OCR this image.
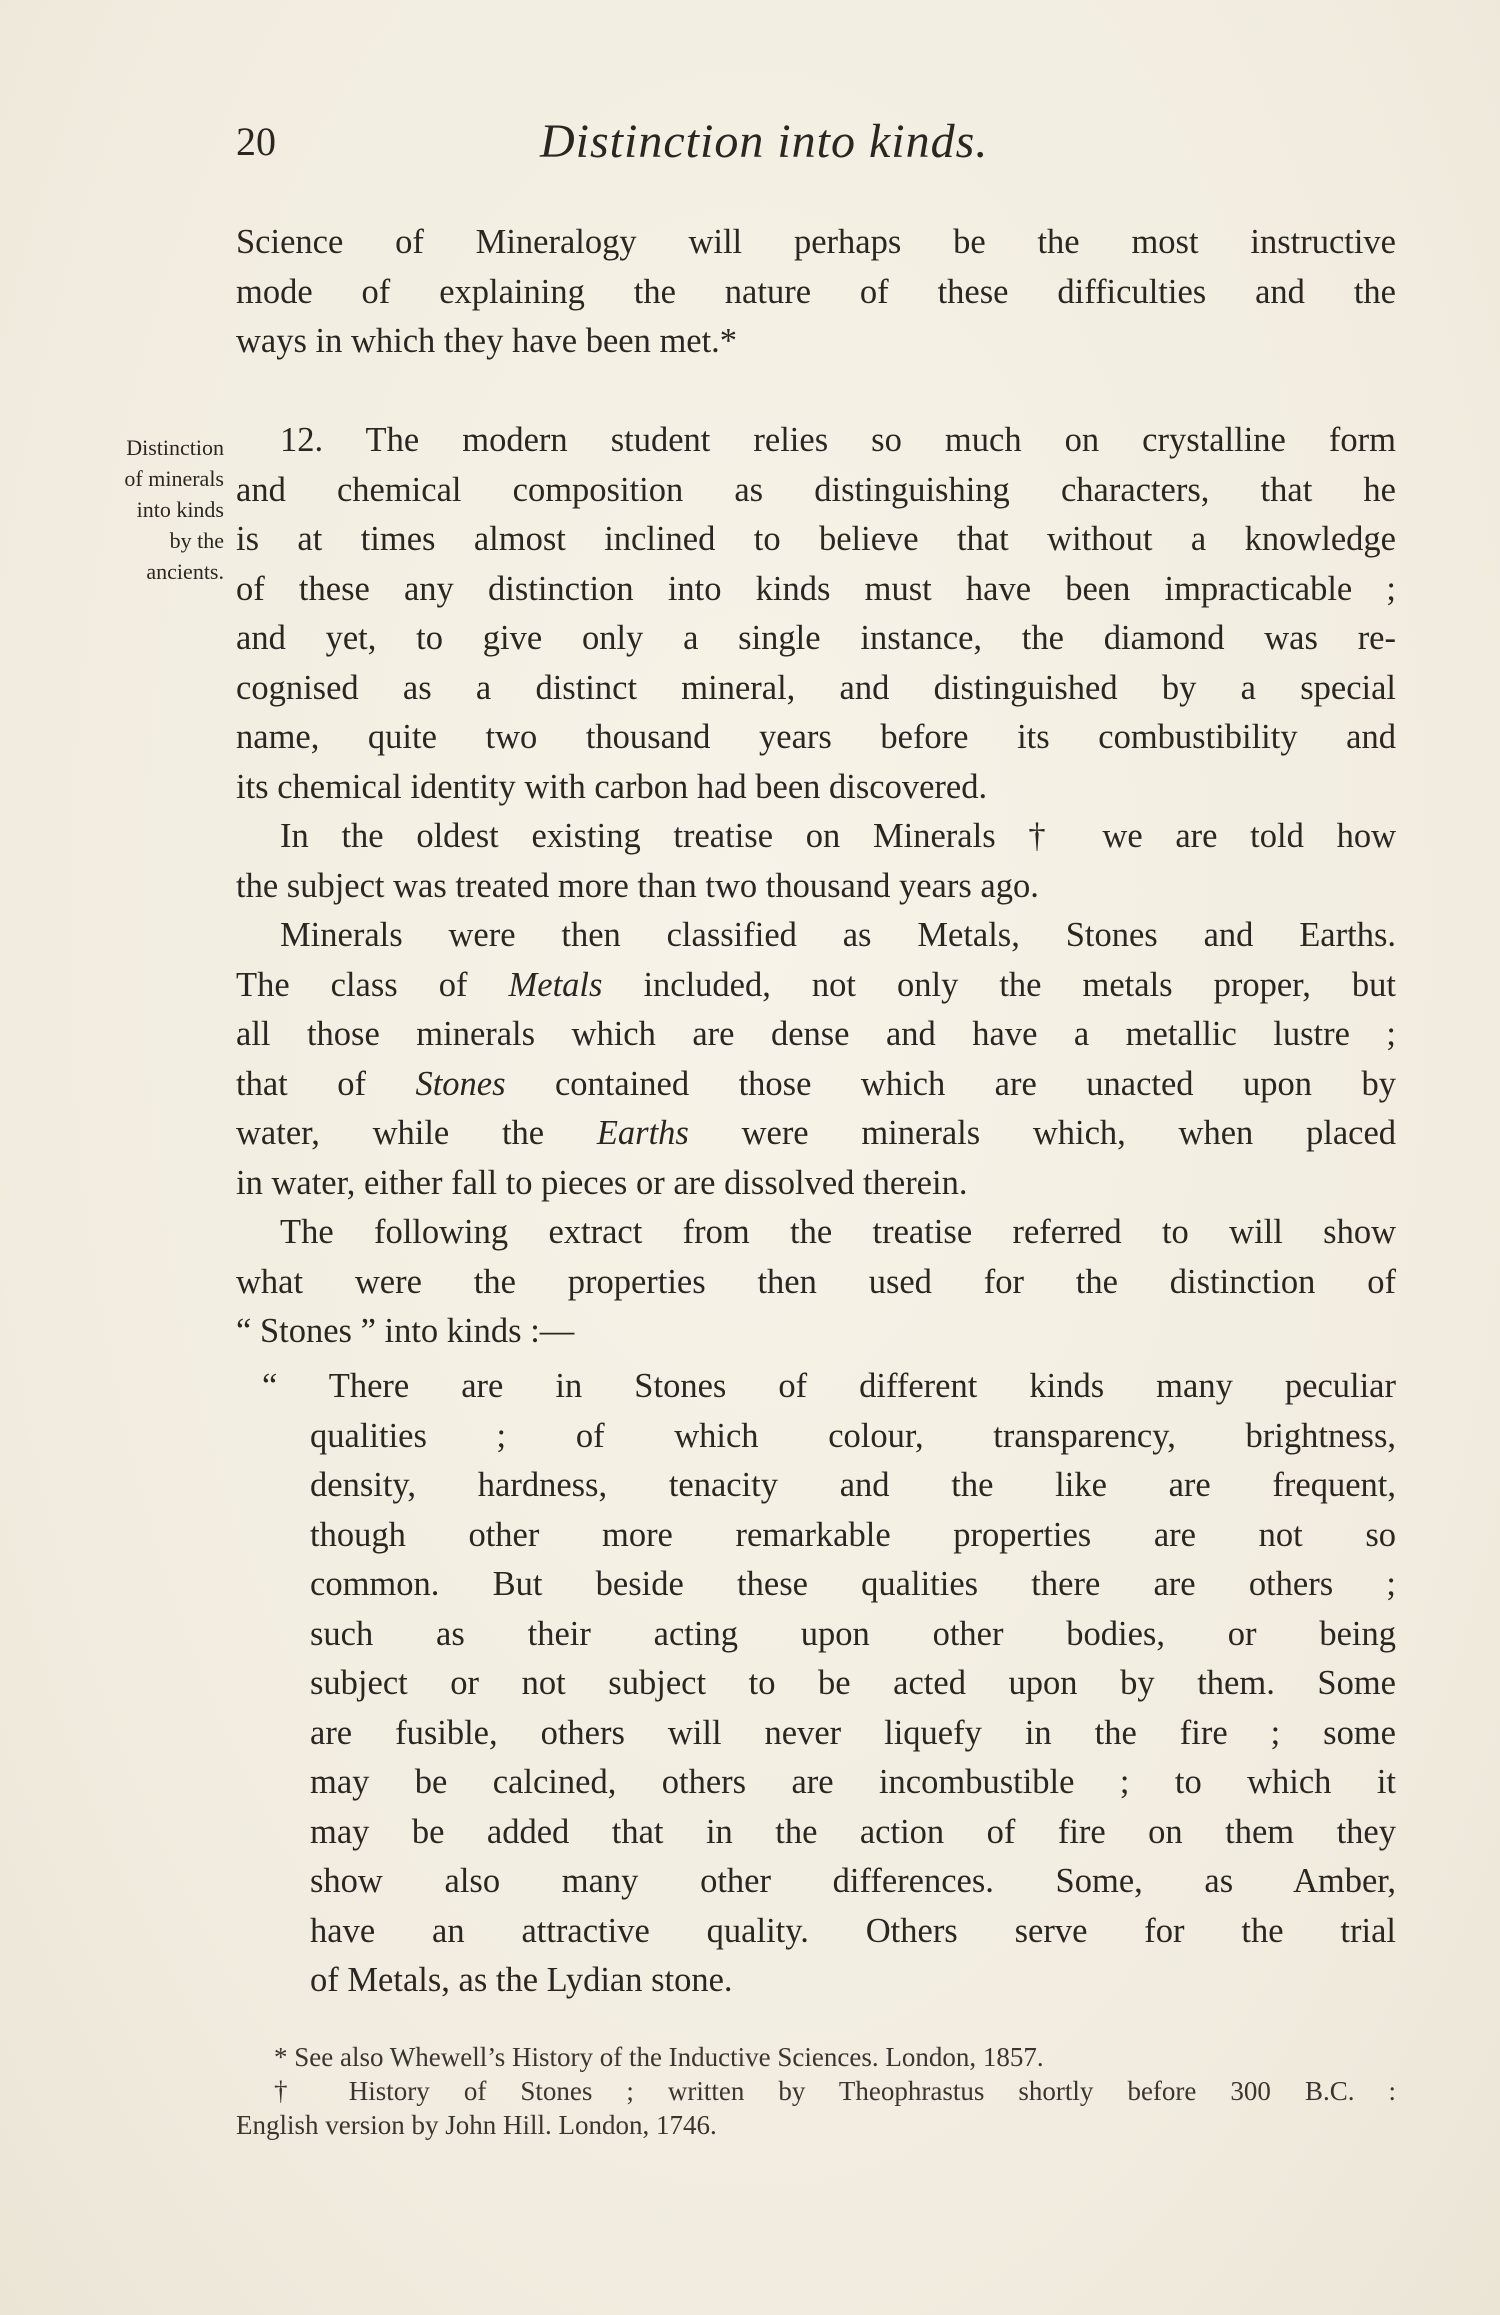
20	Distinction into kinds.
Distinction
of minerals
into kinds
by the
ancients.
Science of Mineralogy will perhaps be the most instructive
mode of explaining the nature of these difficulties and the
ways in which they have been met.*
12. The modern student relies so much on crystalline form
and chemical composition as distinguishing characters, that he
is at times almost inclined to believe that without a knowledge
of these any distinction into kinds must have been impracticable ;
and yet, to give only a single instance, the diamond was re-
cognised as a distinct mineral, and distinguished by a special
name, quite two thousand years before its combustibility and
its chemical identity with carbon had been discovered.
In the oldest existing treatise on Minerals † we are told how
the subject was treated more than two thousand years ago.
Minerals were then classified as Metals, Stones and Earths.
The class of Metals included, not only the metals proper, but
all those minerals which are dense and have a metallic lustre ;
that of Stones contained those which are unacted upon by
water, while the Earths were minerals which, when placed
in water, either fall to pieces or are dissolved therein.
The following extract from the treatise referred to will show
what were the properties then used for the distinction of
“ Stones ” into kinds :—
“ There are in Stones of different kinds many peculiar
qualities ; of which colour, transparency, brightness,
density, hardness, tenacity and the like are frequent,
though other more remarkable properties are not so
common. But beside these qualities there are others ;
such as their acting upon other bodies, or being
subject or not subject to be acted upon by them. Some
are fusible, others will never liquefy in the fire ; some
may be calcined, others are incombustible ; to which it
may be added that in the action of fire on them they
show also many other differences. Some, as Amber,
have an attractive quality. Others serve for the trial
of Metals, as the Lydian stone.
* See also Whewell’s History of the Inductive Sciences. London, 1857.
† History of Stones ; written by Theophrastus shortly before 300 B.C. :
English version by John Hill. London, 1746.
